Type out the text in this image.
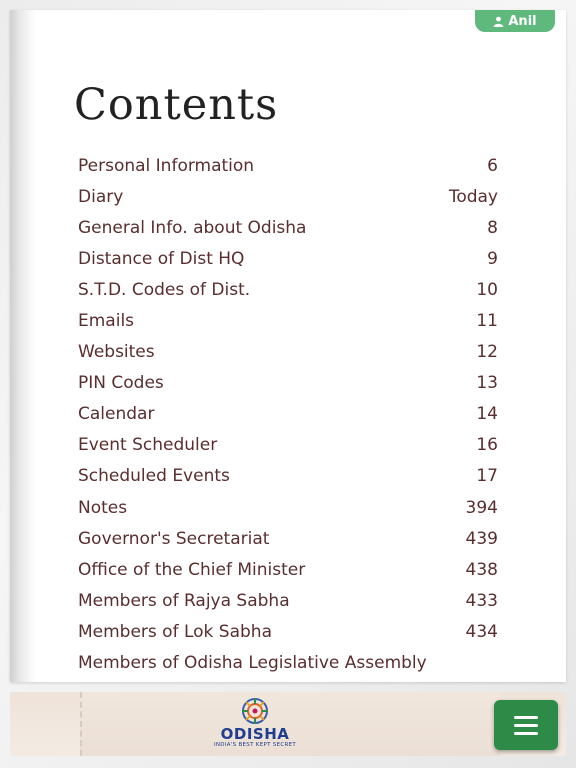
Anil
Contents
Personal Information	6
Diary	Today
General Info. about Odisha	8
Distance of Dist HQ	9
S.T.D. Codes of Dist.	10
Emails	11
Websites	12
PIN Codes	13
Calendar	14
Event Scheduler	16
Scheduled Events	17
Notes	394
Governor's Secretariat	439
Office of the Chief Minister	438
Members of Rajya Sabha	433
Members of Lok Sabha	434
Members of Odisha Legislative Assembly
ODISHA
INDIA'S BEST KEPT SECRET
